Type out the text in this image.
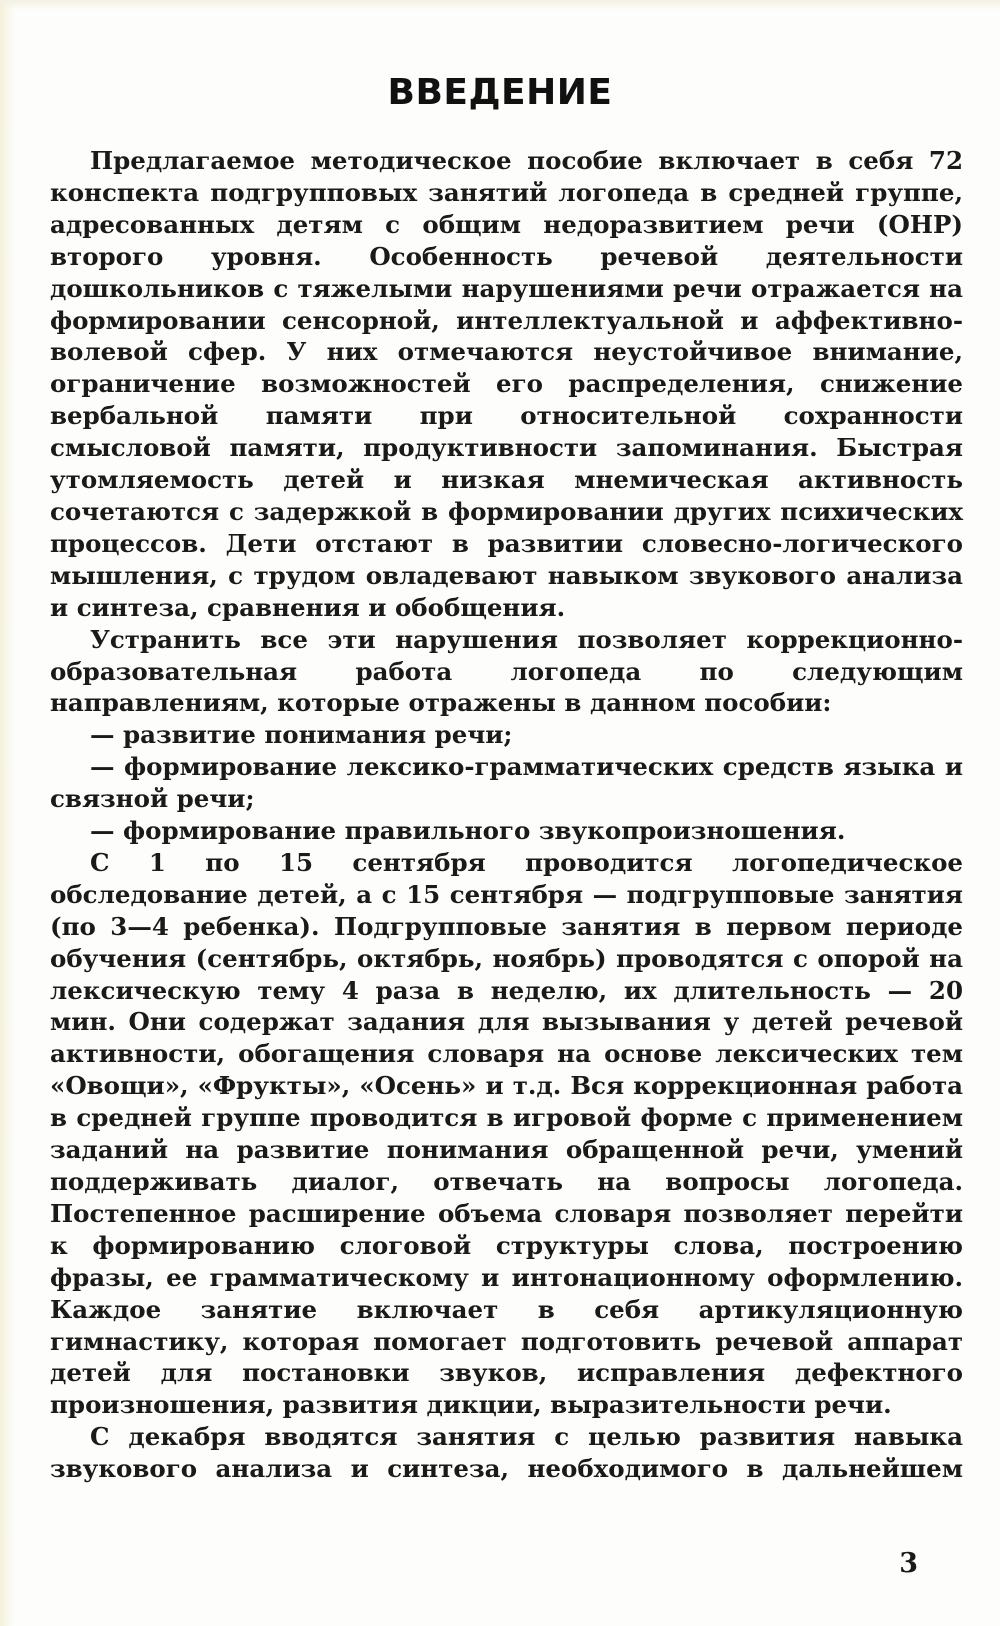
ВВЕДЕНИЕ

Предлагаемое методическое пособие включает в себя 72 конспекта подгрупповых занятий логопеда в средней группе, адресованных детям с общим недоразвитием речи (ОНР) второго уровня. Особенность речевой деятельности дошкольников с тяжелыми нарушениями речи отражается на формировании сенсорной, интеллектуальной и аффективно-волевой сфер. У них отмечаются неустойчивое внимание, ограничение возможностей его распределения, снижение вербальной памяти при относительной сохранности смысловой памяти, продуктивности запоминания. Быстрая утомляемость детей и низкая мнемическая активность сочетаются с задержкой в формировании других психических процессов. Дети отстают в развитии словесно-логического мышления, с трудом овладевают навыком звукового анализа и синтеза, сравнения и обобщения.

Устранить все эти нарушения позволяет коррекционно-образовательная работа логопеда по следующим направлениям, которые отражены в данном пособии:

— развитие понимания речи;

— формирование лексико-грамматических средств языка и связной речи;

— формирование правильного звукопроизношения.

С 1 по 15 сентября проводится логопедическое обследование детей, а с 15 сентября — подгрупповые занятия (по 3—4 ребенка). Подгрупповые занятия в первом периоде обучения (сентябрь, октябрь, ноябрь) проводятся с опорой на лексическую тему 4 раза в неделю, их длительность — 20 мин. Они содержат задания для вызывания у детей речевой активности, обогащения словаря на основе лексических тем «Овощи», «Фрукты», «Осень» и т.д. Вся коррекционная работа в средней группе проводится в игровой форме с применением заданий на развитие понимания обращенной речи, умений поддерживать диалог, отвечать на вопросы логопеда. Постепенное расширение объема словаря позволяет перейти к формированию слоговой структуры слова, построению фразы, ее грамматическому и интонационному оформлению. Каждое занятие включает в себя артикуляционную гимнастику, которая помогает подготовить речевой аппарат детей для постановки звуков, исправления дефектного произношения, развития дикции, выразительности речи.

С декабря вводятся занятия с целью развития навыка звукового анализа и синтеза, необходимого в дальнейшем

3
